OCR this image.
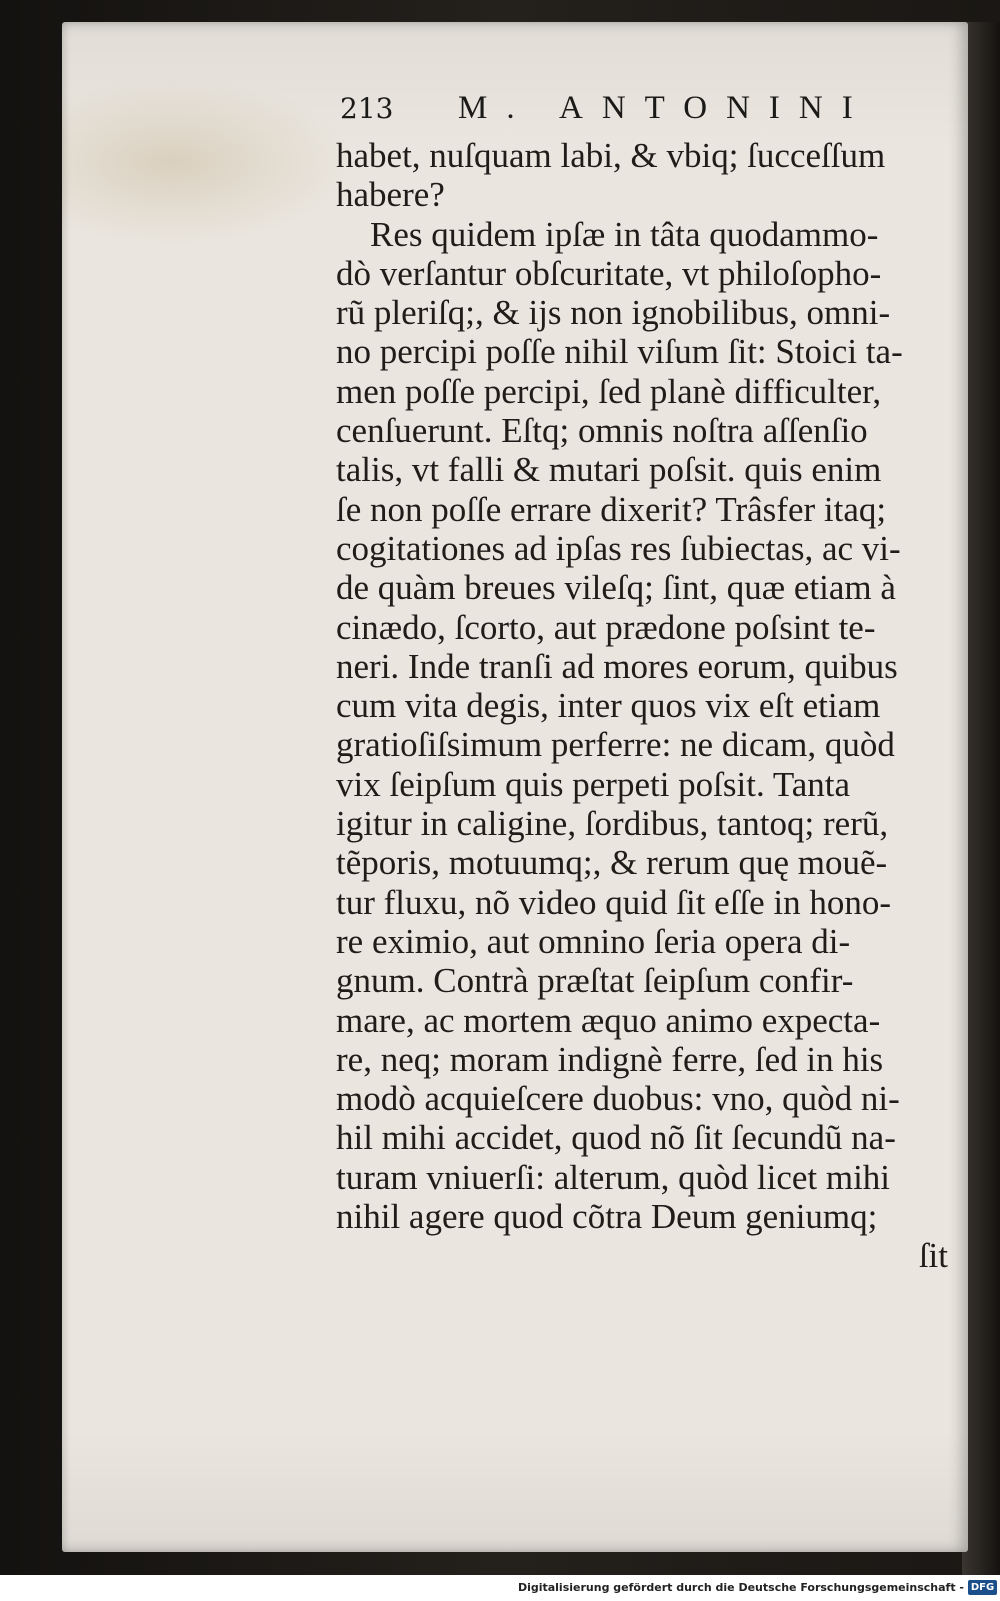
213 M. ANTONINI
habet, nuſquam labi, & vbiq; ſucceſſum
habere?
Res quidem ipſæ in tâta quodammo-
dò verſantur obſcuritate, vt philoſopho-
rũ pleriſq;, & ijs non ignobilibus, omni-
no percipi poſſe nihil viſum ſit: Stoici ta-
men poſſe percipi, ſed planè difficulter,
cenſuerunt. Eſtq; omnis noſtra aſſenſio
talis, vt falli & mutari poſsit. quis enim
ſe non poſſe errare dixerit? Trâsfer itaq;
cogitationes ad ipſas res ſubiectas, ac vi-
de quàm breues vileſq; ſint, quæ etiam à
cinædo, ſcorto, aut prædone poſsint te-
neri. Inde tranſi ad mores eorum, quibus
cum vita degis, inter quos vix eſt etiam
gratioſiſsimum perferre: ne dicam, quòd
vix ſeipſum quis perpeti poſsit. Tanta
igitur in caligine, ſordibus, tantoq; rerũ,
tẽporis, motuumq;, & rerum quę mouẽ-
tur fluxu, nõ video quid ſit eſſe in hono-
re eximio, aut omnino ſeria opera di-
gnum. Contrà præſtat ſeipſum confir-
mare, ac mortem æquo animo expecta-
re, neq; moram indignè ferre, ſed in his
modò acquieſcere duobus: vno, quòd ni-
hil mihi accidet, quod nõ ſit ſecundũ na-
turam vniuerſi: alterum, quòd licet mihi
nihil agere quod cõtra Deum geniumq;
ſit
Digitalisierung gefördert durch die Deutsche Forschungsgemeinschaft - DFG
